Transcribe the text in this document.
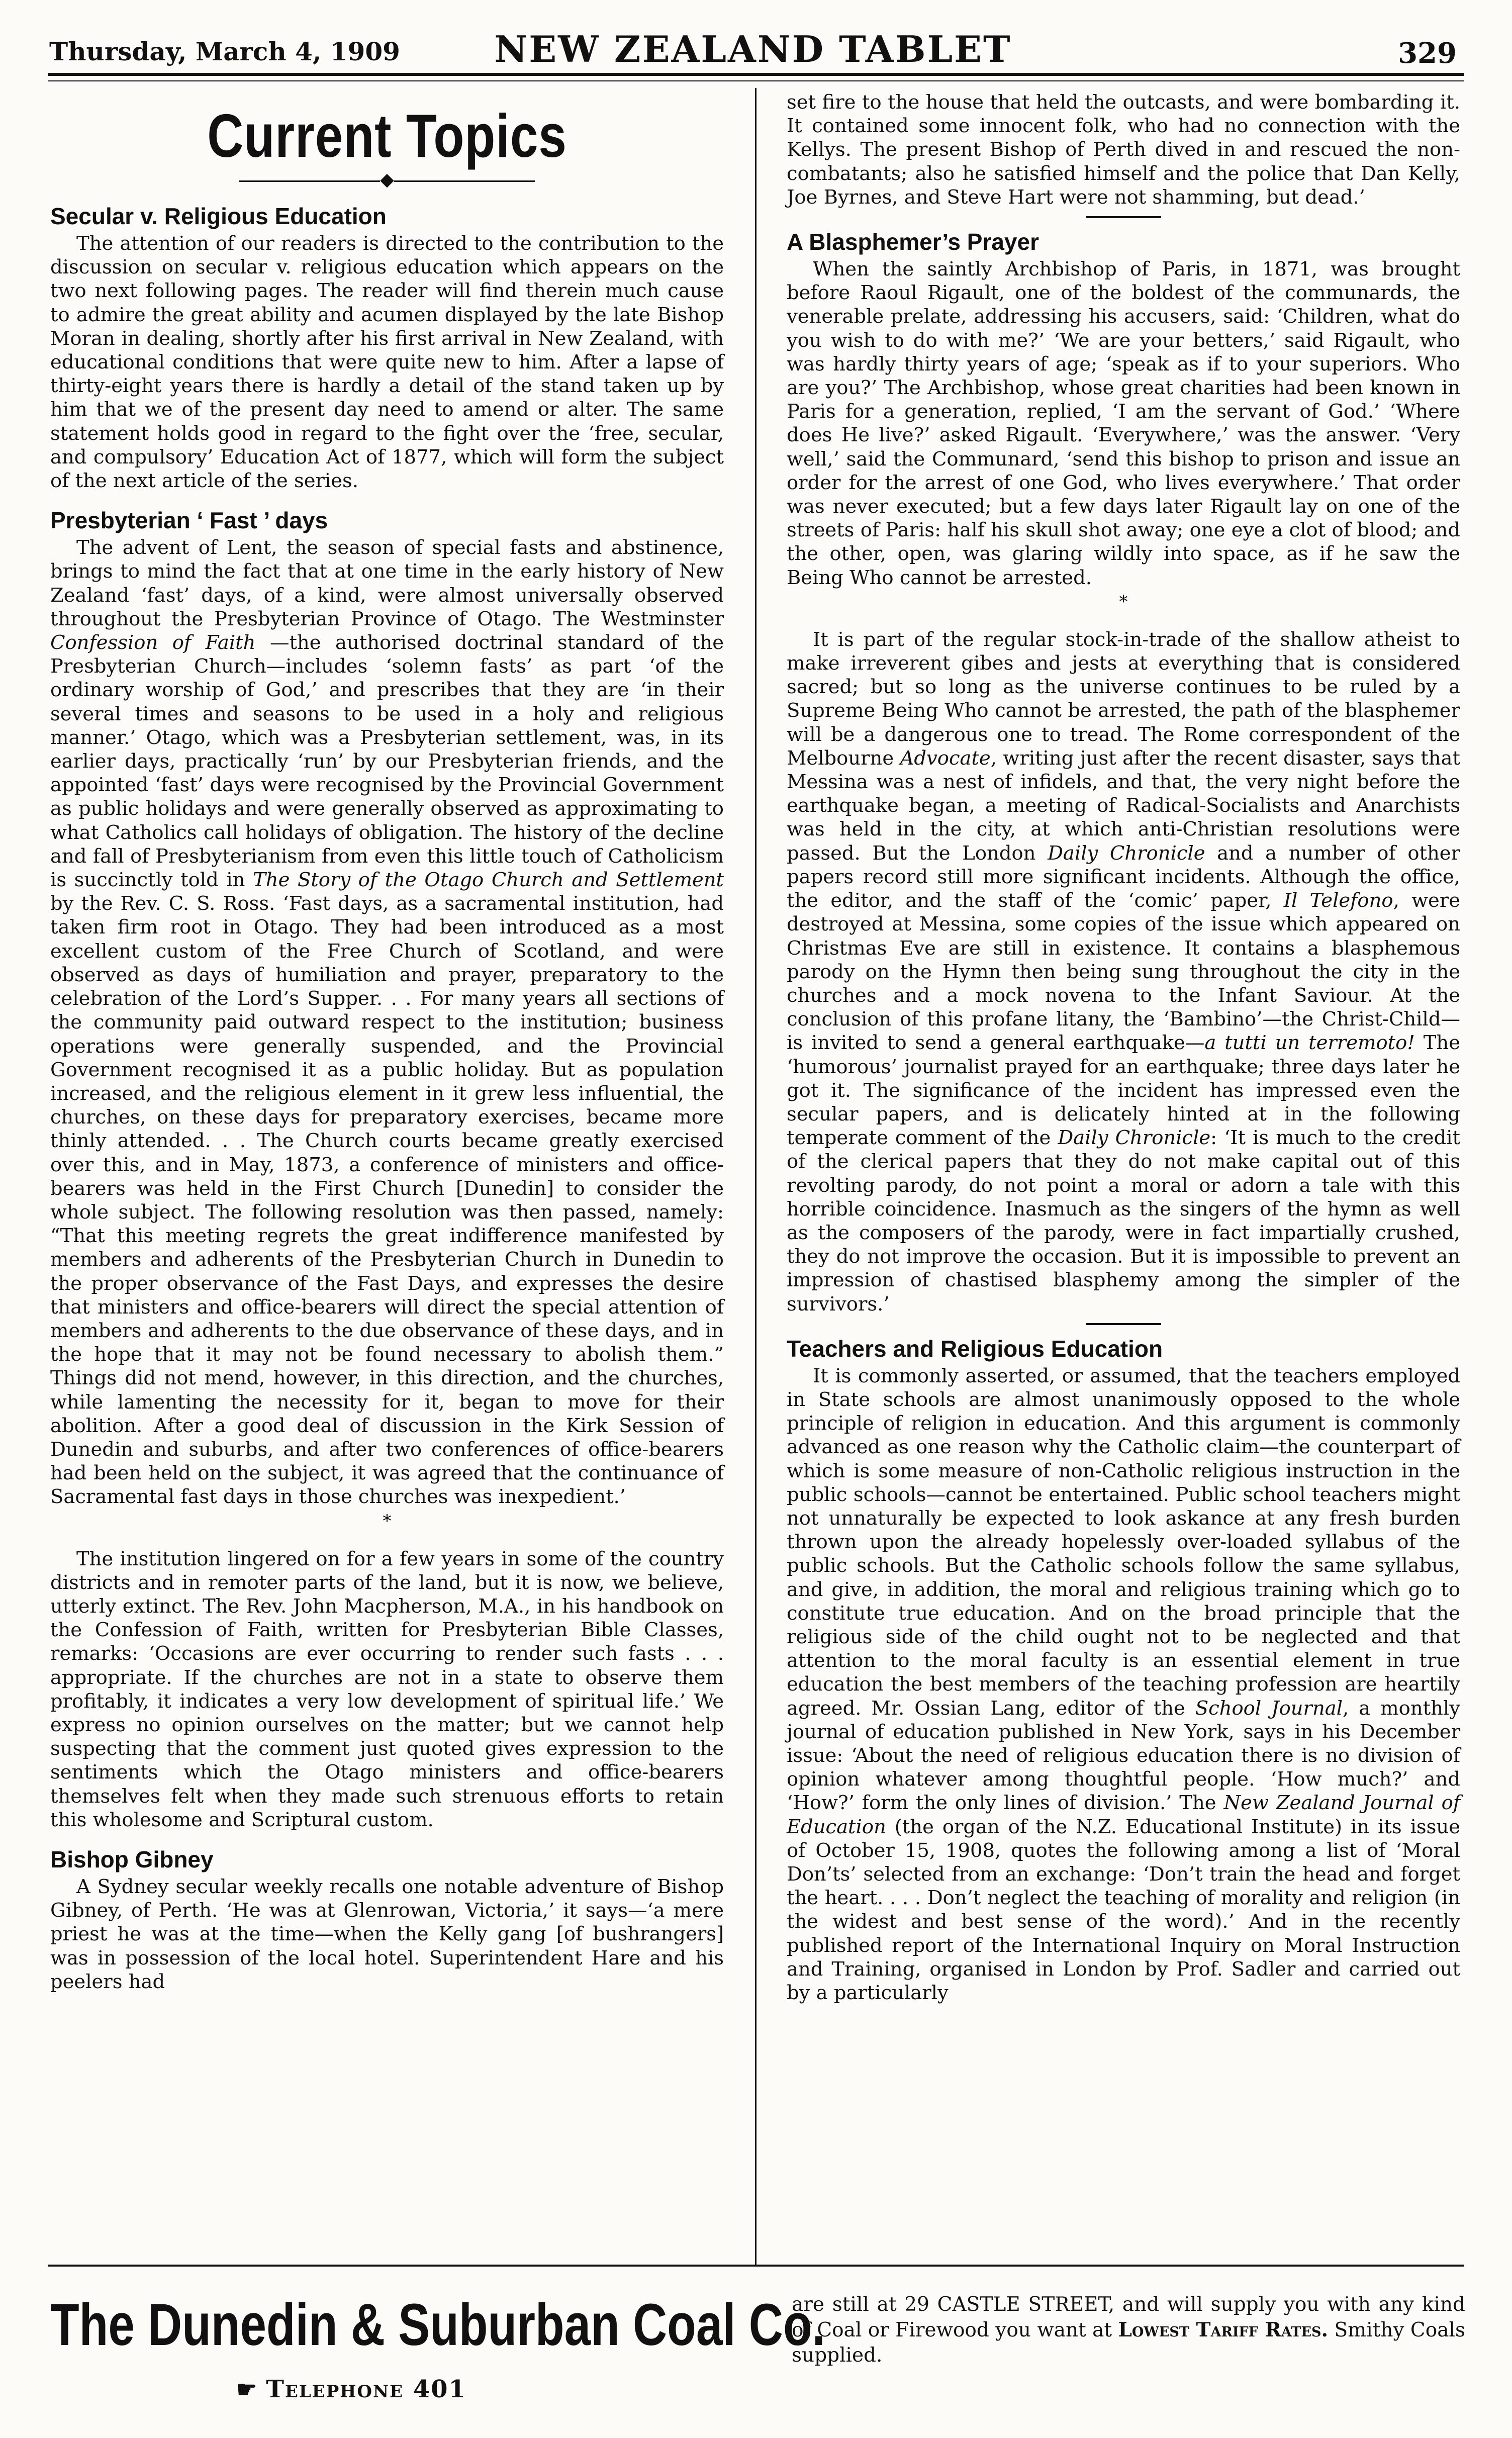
Thursday, March 4, 1909	NEW ZEALAND TABLET	329
Current Topics
◆
Secular v. Religious Education

The attention of our readers is directed to the contribution to the discussion on secular v. religious education which appears on the two next following pages. The reader will find therein much cause to admire the great ability and acumen displayed by the late Bishop Moran in dealing, shortly after his first arrival in New Zealand, with educational conditions that were quite new to him. After a lapse of thirty-eight years there is hardly a detail of the stand taken up by him that we of the present day need to amend or alter. The same statement holds good in regard to the fight over the ‘free, secular, and compulsory’ Education Act of 1877, which will form the subject of the next article of the series.

Presbyterian ‘ Fast ’ days

The advent of Lent, the season of special fasts and abstinence, brings to mind the fact that at one time in the early history of New Zealand ‘fast’ days, of a kind, were almost universally observed throughout the Presbyterian Province of Otago. The Westminster Confession of Faith —the authorised doctrinal standard of the Presbyterian Church—includes ‘solemn fasts’ as part ‘of the ordinary worship of God,’ and prescribes that they are ‘in their several times and seasons to be used in a holy and religious manner.’ Otago, which was a Presbyterian settlement, was, in its earlier days, practically ‘run’ by our Presbyterian friends, and the appointed ‘fast’ days were recognised by the Provincial Government as public holidays and were generally observed as approximating to what Catholics call holidays of obligation. The history of the decline and fall of Presbyterianism from even this little touch of Catholicism is succinctly told in The Story of the Otago Church and Settlement by the Rev. C. S. Ross. ‘Fast days, as a sacramental institution, had taken firm root in Otago. They had been introduced as a most excellent custom of the Free Church of Scotland, and were observed as days of humiliation and prayer, preparatory to the celebration of the Lord’s Supper. . . For many years all sections of the community paid outward respect to the institution; business operations were generally suspended, and the Provincial Government recognised it as a public holiday. But as population increased, and the religious element in it grew less influential, the churches, on these days for preparatory exercises, became more thinly attended. . . The Church courts became greatly exercised over this, and in May, 1873, a conference of ministers and office-bearers was held in the First Church [Dunedin] to consider the whole subject. The following resolution was then passed, namely: “That this meeting regrets the great indifference manifested by members and adherents of the Presbyterian Church in Dunedin to the proper observance of the Fast Days, and expresses the desire that ministers and office-bearers will direct the special attention of members and adherents to the due observance of these days, and in the hope that it may not be found necessary to abolish them.” Things did not mend, however, in this direction, and the churches, while lamenting the necessity for it, began to move for their abolition. After a good deal of discussion in the Kirk Session of Dunedin and suburbs, and after two conferences of office-bearers had been held on the subject, it was agreed that the continuance of Sacramental fast days in those churches was inexpedient.’

*

The institution lingered on for a few years in some of the country districts and in remoter parts of the land, but it is now, we believe, utterly extinct. The Rev. John Macpherson, M.A., in his handbook on the Confession of Faith, written for Presbyterian Bible Classes, remarks: ‘Occasions are ever occurring to render such fasts . . . appropriate. If the churches are not in a state to observe them profitably, it indicates a very low development of spiritual life.’ We express no opinion ourselves on the matter; but we cannot help suspecting that the comment just quoted gives expression to the sentiments which the Otago ministers and office-bearers themselves felt when they made such strenuous efforts to retain this wholesome and Scriptural custom.

Bishop Gibney

A Sydney secular weekly recalls one notable adventure of Bishop Gibney, of Perth. ‘He was at Glenrowan, Victoria,’ it says—‘a mere priest he was at the time—when the Kelly gang [of bushrangers] was in possession of the local hotel. Superintendent Hare and his peelers had

set fire to the house that held the outcasts, and were bombarding it. It contained some innocent folk, who had no connection with the Kellys. The present Bishop of Perth dived in and rescued the non-combatants; also he satisfied himself and the police that Dan Kelly, Joe Byrnes, and Steve Hart were not shamming, but dead.’

A Blasphemer’s Prayer

When the saintly Archbishop of Paris, in 1871, was brought before Raoul Rigault, one of the boldest of the communards, the venerable prelate, addressing his accusers, said: ‘Children, what do you wish to do with me?’ ‘We are your betters,’ said Rigault, who was hardly thirty years of age; ‘speak as if to your superiors. Who are you?’ The Archbishop, whose great charities had been known in Paris for a generation, replied, ‘I am the servant of God.’ ‘Where does He live?’ asked Rigault. ‘Everywhere,’ was the answer. ‘Very well,’ said the Communard, ‘send this bishop to prison and issue an order for the arrest of one God, who lives everywhere.’ That order was never executed; but a few days later Rigault lay on one of the streets of Paris: half his skull shot away; one eye a clot of blood; and the other, open, was glaring wildly into space, as if he saw the Being Who cannot be arrested.

*

It is part of the regular stock-in-trade of the shallow atheist to make irreverent gibes and jests at everything that is considered sacred; but so long as the universe continues to be ruled by a Supreme Being Who cannot be arrested, the path of the blasphemer will be a dangerous one to tread. The Rome correspondent of the Melbourne Advocate, writing just after the recent disaster, says that Messina was a nest of infidels, and that, the very night before the earthquake began, a meeting of Radical-Socialists and Anarchists was held in the city, at which anti-Christian resolutions were passed. But the London Daily Chronicle and a number of other papers record still more significant incidents. Although the office, the editor, and the staff of the ‘comic’ paper, Il Telefono, were destroyed at Messina, some copies of the issue which appeared on Christmas Eve are still in existence. It contains a blasphemous parody on the Hymn then being sung throughout the city in the churches and a mock novena to the Infant Saviour. At the conclusion of this profane litany, the ‘Bambino’—the Christ-Child—is invited to send a general earthquake—a tutti un terremoto! The ‘humorous’ journalist prayed for an earthquake; three days later he got it. The significance of the incident has impressed even the secular papers, and is delicately hinted at in the following temperate comment of the Daily Chronicle: ‘It is much to the credit of the clerical papers that they do not make capital out of this revolting parody, do not point a moral or adorn a tale with this horrible coincidence. Inasmuch as the singers of the hymn as well as the composers of the parody, were in fact impartially crushed, they do not improve the occasion. But it is impossible to prevent an impression of chastised blasphemy among the simpler of the survivors.’

Teachers and Religious Education

It is commonly asserted, or assumed, that the teachers employed in State schools are almost unanimously opposed to the whole principle of religion in education. And this argument is commonly advanced as one reason why the Catholic claim—the counterpart of which is some measure of non-Catholic religious instruction in the public schools—cannot be entertained. Public school teachers might not unnaturally be expected to look askance at any fresh burden thrown upon the already hopelessly over-loaded syllabus of the public schools. But the Catholic schools follow the same syllabus, and give, in addition, the moral and religious training which go to constitute true education. And on the broad principle that the religious side of the child ought not to be neglected and that attention to the moral faculty is an essential element in true education the best members of the teaching profession are heartily agreed. Mr. Ossian Lang, editor of the School Journal, a monthly journal of education published in New York, says in his December issue: ‘About the need of religious education there is no division of opinion whatever among thoughtful people. ‘How much?’ and ‘How?’ form the only lines of division.’ The New Zealand Journal of Education (the organ of the N.Z. Educational Institute) in its issue of October 15, 1908, quotes the following among a list of ‘Moral Don’ts’ selected from an exchange: ‘Don’t train the head and forget the heart. . . . Don’t neglect the teaching of morality and religion (in the widest and best sense of the word).’ And in the recently published report of the International Inquiry on Moral Instruction and Training, organised in London by Prof. Sadler and carried out by a particularly

The Dunedin & Suburban Coal Co.
☛ Telephone 401
are still at 29 CASTLE STREET, and will supply you with any kind of Coal or Firewood you want at Lowest Tariff Rates. Smithy Coals supplied.
